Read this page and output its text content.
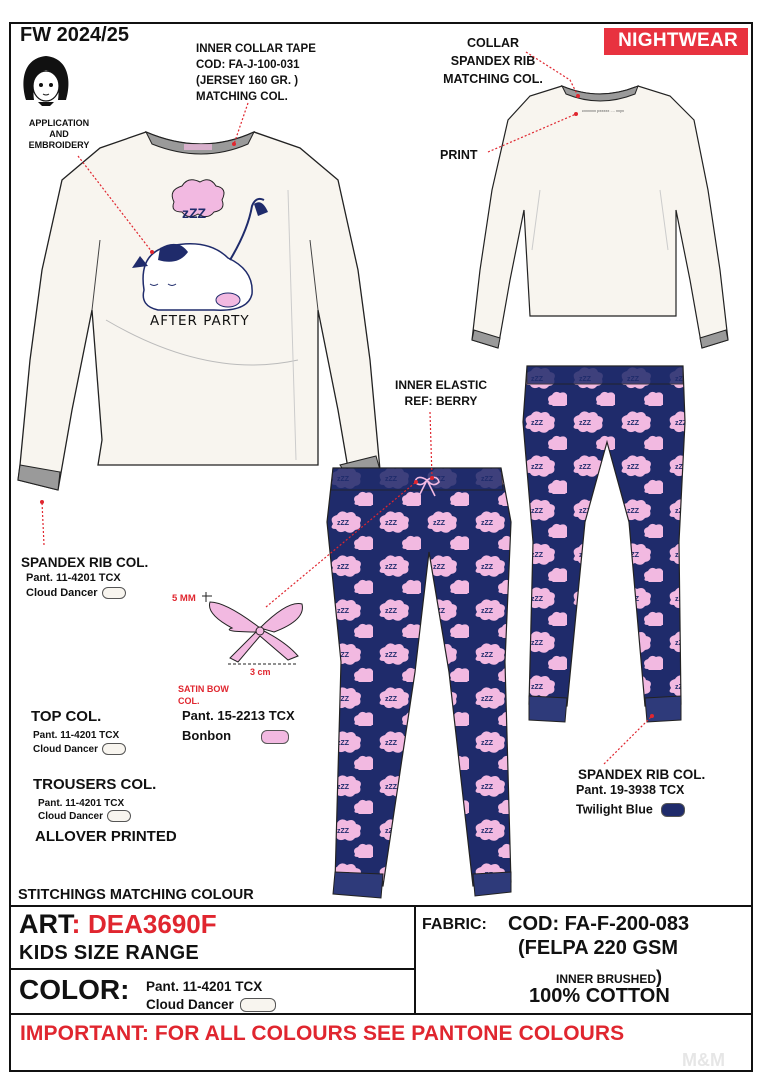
FW 2024/25	NIGHTWEAR
INNER COLLAR TAPE
COD: FA-J-100-031
(JERSEY 160 GR. )
MATCHING COL.
APPLICATION
AND
EMBROIDERY
zZZ
AFTER PARTY
SPANDEX RIB COL.
Pant. 11-4201 TCX
Cloud Dancer
COLLAR
SPANDEX RIB
MATCHING COL.
PRINT
cxxxxxx pxxxxx .... xxyx
INNER ELASTIC
REF: BERRY
5 MM
3 cm
SATIN BOW
COL.
Pant. 15-2213 TCX
Bonbon
SPANDEX RIB COL.
Pant. 19-3938 TCX
Twilight Blue
TOP COL.
Pant. 11-4201 TCX
Cloud Dancer
TROUSERS COL.
Pant. 11-4201 TCX
Cloud Dancer
ALLOVER PRINTED
STITCHINGS MATCHING COLOUR
ART: DEA3690F
KIDS SIZE RANGE
COLOR: Pant. 11-4201 TCX
Cloud Dancer
FABRIC: COD: FA-F-200-083
(FELPA 220 GSM
INNER BRUSHED)
100% COTTON
IMPORTANT: FOR ALL COLOURS SEE PANTONE COLOURS
M&M
